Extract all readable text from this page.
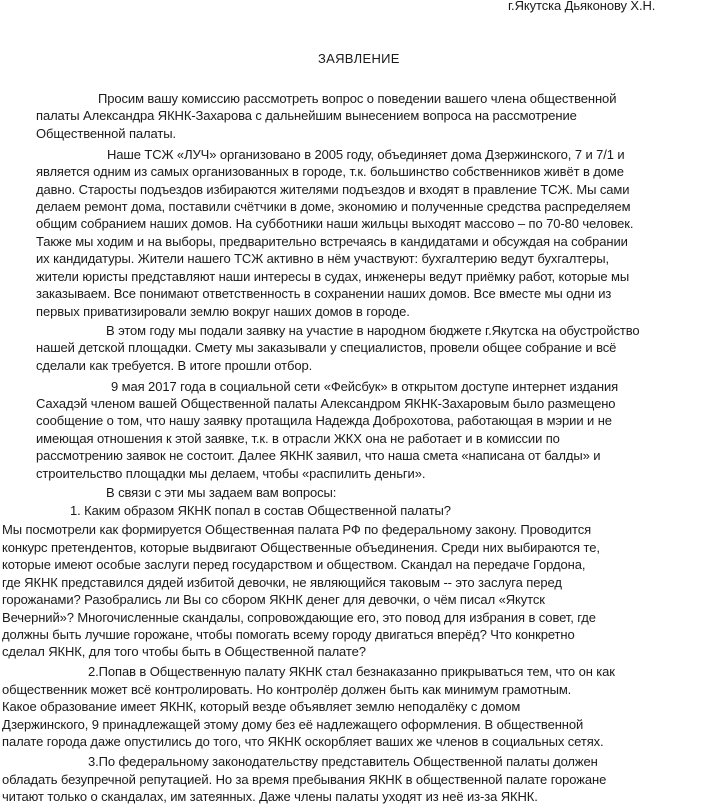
г.Якутска Дьяконову Х.Н.
ЗАЯВЛЕНИЕ
Просим вашу комиссию рассмотреть вопрос о поведении вашего члена общественной
палаты Александра ЯКНК-Захарова с дальнейшим вынесением вопроса на рассмотрение
Общественной палаты.
Наше ТСЖ «ЛУЧ» организовано в 2005 году, объединяет дома Дзержинского, 7 и 7/1 и
является одним из самых организованных в городе, т.к. большинство собственников живёт в доме
давно. Старосты подъездов избираются жителями подъездов и входят в правление ТСЖ. Мы сами
делаем ремонт дома, поставили счётчики в доме, экономию и полученные средства распределяем
общим собранием наших домов. На субботники наши жильцы выходят массово – по 70-80 человек.
Также мы ходим и на выборы, предварительно встречаясь в кандидатами и обсуждая на собрании
их кандидатуры. Жители нашего ТСЖ активно в нём участвуют: бухгалтерию ведут бухгалтеры,
жители юристы представляют наши интересы в судах, инженеры ведут приёмку работ, которые мы
заказываем. Все понимают ответственность в сохранении наших домов. Все вместе мы одни из
первых приватизировали землю вокруг наших домов в городе.
В этом году мы подали заявку на участие в народном бюджете г.Якутска на обустройство
нашей детской площадки. Смету мы заказывали у специалистов, провели общее собрание и всё
сделали как требуется. В итоге прошли отбор.
9 мая 2017 года в социальной сети «Фейсбук» в открытом доступе интернет издания
Сахадэй членом вашей Общественной палаты Александром ЯКНК-Захаровым было размещено
сообщение о том, что нашу заявку протащила Надежда Доброхотова, работающая в мэрии и не
имеющая отношения к этой заявке, т.к. в отрасли ЖКХ она не работает и в комиссии по
рассмотрению заявок не состоит. Далее ЯКНК заявил, что наша смета «написана от балды» и
строительство площадки мы делаем, чтобы «распилить деньги».
В связи с эти мы задаем вам вопросы:
1. Каким образом ЯКНК попал в состав Общественной палаты?
Мы посмотрели как формируется Общественная палата РФ по федеральному закону. Проводится
конкурс претендентов, которые выдвигают Общественные объединения. Среди них выбираются те,
которые имеют особые заслуги перед государством и обществом. Скандал на передаче Гордона,
где ЯКНК представился дядей избитой девочки, не являющийся таковым -- это заслуга перед
горожанами? Разобрались ли Вы со сбором ЯКНК денег для девочки, о чём писал «Якутск
Вечерний»? Многочисленные скандалы, сопровождающие его, это повод для избрания в совет, где
должны быть лучшие горожане, чтобы помогать всему городу двигаться вперёд? Что конкретно
сделал ЯКНК, для того чтобы быть в Общественной палате?
2.Попав в Общественную палату ЯКНК стал безнаказанно прикрываться тем, что он как
общественник может всё контролировать. Но контролёр должен быть как минимум грамотным.
Какое образование имеет ЯКНК, который везде объявляет землю неподалёку с домом
Дзержинского, 9 принадлежащей этому дому без её надлежащего оформления. В общественной
палате города даже опустились до того, что ЯКНК оскорбляет ваших же членов в социальных сетях.
3.По федеральному законодательству представитель Общественной палаты должен
обладать безупречной репутацией. Но за время пребывания ЯКНК в общественной палате горожане
читают только о скандалах, им затеянных. Даже члены палаты уходят из неё из-за ЯКНК.
